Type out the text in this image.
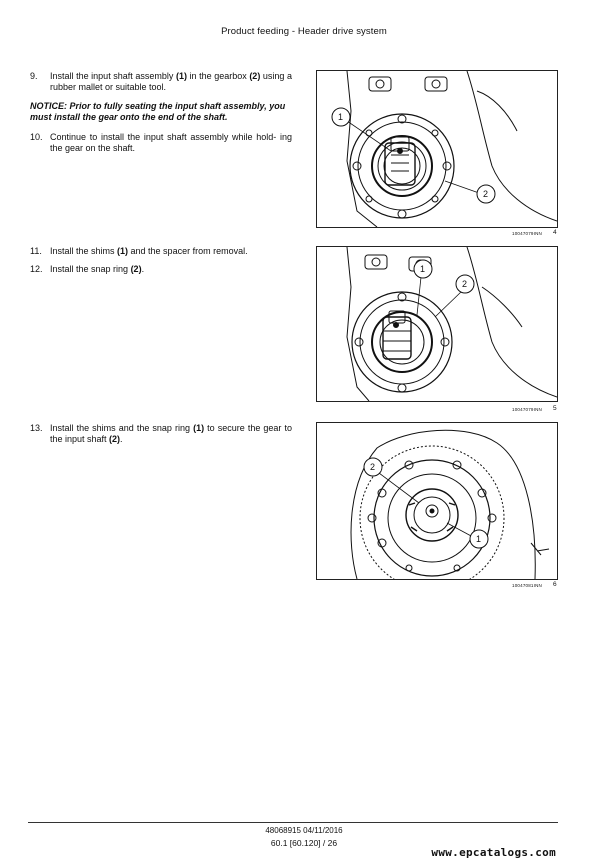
Product feeding - Header drive system
9.	Install the input shaft assembly (1) in the gearbox (2) using a rubber mallet or suitable tool.
NOTICE: Prior to fully seating the input shaft assembly, you must install the gear onto the end of the shaft.
10. Continue to install the input shaft assembly while hold- ing the gear on the shaft.
11. Install the shims (1) and the spacer from removal.
12. Install the snap ring (2).
13. Install the shims and the snap ring (1) to secure the gear to the input shaft (2).
1
2
10047079INN 4
1
2
10047079INN 5
2
1
10047081INN 6
48068915 04/11/2016
60.1 [60.120] / 26
www.epcatalogs.com
